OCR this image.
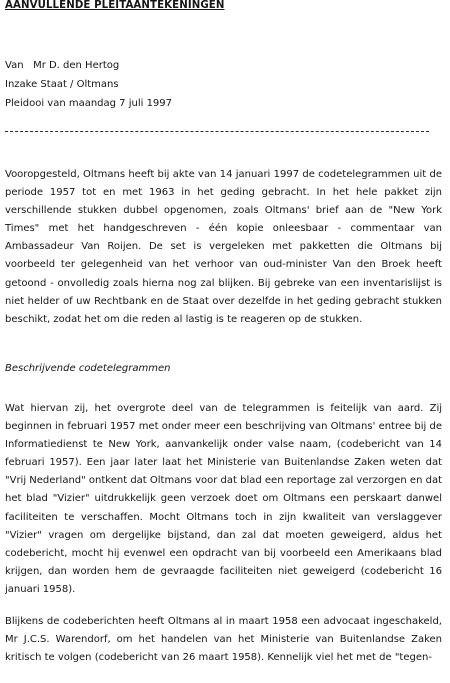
AANVULLENDE PLEITAANTEKENINGEN
Van   Mr D. den Hertog
Inzake Staat / Oltmans
Pleidooi van maandag 7 juli 1997

Vooropgesteld, Oltmans heeft bij akte van 14 januari 1997 de codetelegrammen uit de periode 1957 tot en met 1963 in het geding gebracht. In het hele pakket zijn verschillende stukken dubbel opgenomen, zoals Oltmans' brief aan de "New York Times" met het handgeschreven - één kopie onleesbaar - commentaar van Ambassadeur Van Roijen. De set is vergeleken met pakketten die Oltmans bij voorbeeld ter gelegenheid van het verhoor van oud-minister Van den Broek heeft getoond - onvolledig zoals hierna nog zal blijken. Bij gebreke van een inventarislijst is niet helder of uw Rechtbank en de Staat over dezelfde in het geding gebracht stukken beschikt, zodat het om die reden al lastig is te reageren op de stukken.

Beschrijvende codetelegrammen

Wat hiervan zij, het overgrote deel van de telegrammen is feitelijk van aard. Zij beginnen in februari 1957 met onder meer een beschrijving van Oltmans' entree bij de Informatiedienst te New York, aanvankelijk onder valse naam, (codebericht van 14 februari 1957). Een jaar later laat het Ministerie van Buitenlandse Zaken weten dat "Vrij Nederland" ontkent dat Oltmans voor dat blad een reportage zal verzorgen en dat het blad "Vizier" uitdrukkelijk geen verzoek doet om Oltmans een perskaart danwel faciliteiten te verschaffen. Mocht Oltmans toch in zijn kwaliteit van verslaggever "Vizier" vragen om dergelijke bijstand, dan zal dat moeten geweigerd, aldus het codebericht, mocht hij evenwel een opdracht van bij voorbeeld een Amerikaans blad krijgen, dan worden hem de gevraagde faciliteiten niet geweigerd (codebericht 16 januari 1958).

Blijkens de codeberichten heeft Oltmans al in maart 1958 een advocaat ingeschakeld, Mr J.C.S. Warendorf, om het handelen van het Ministerie van Buitenlandse Zaken kritisch te volgen (codebericht van 26 maart 1958). Kennelijk viel het met de "tegen-
